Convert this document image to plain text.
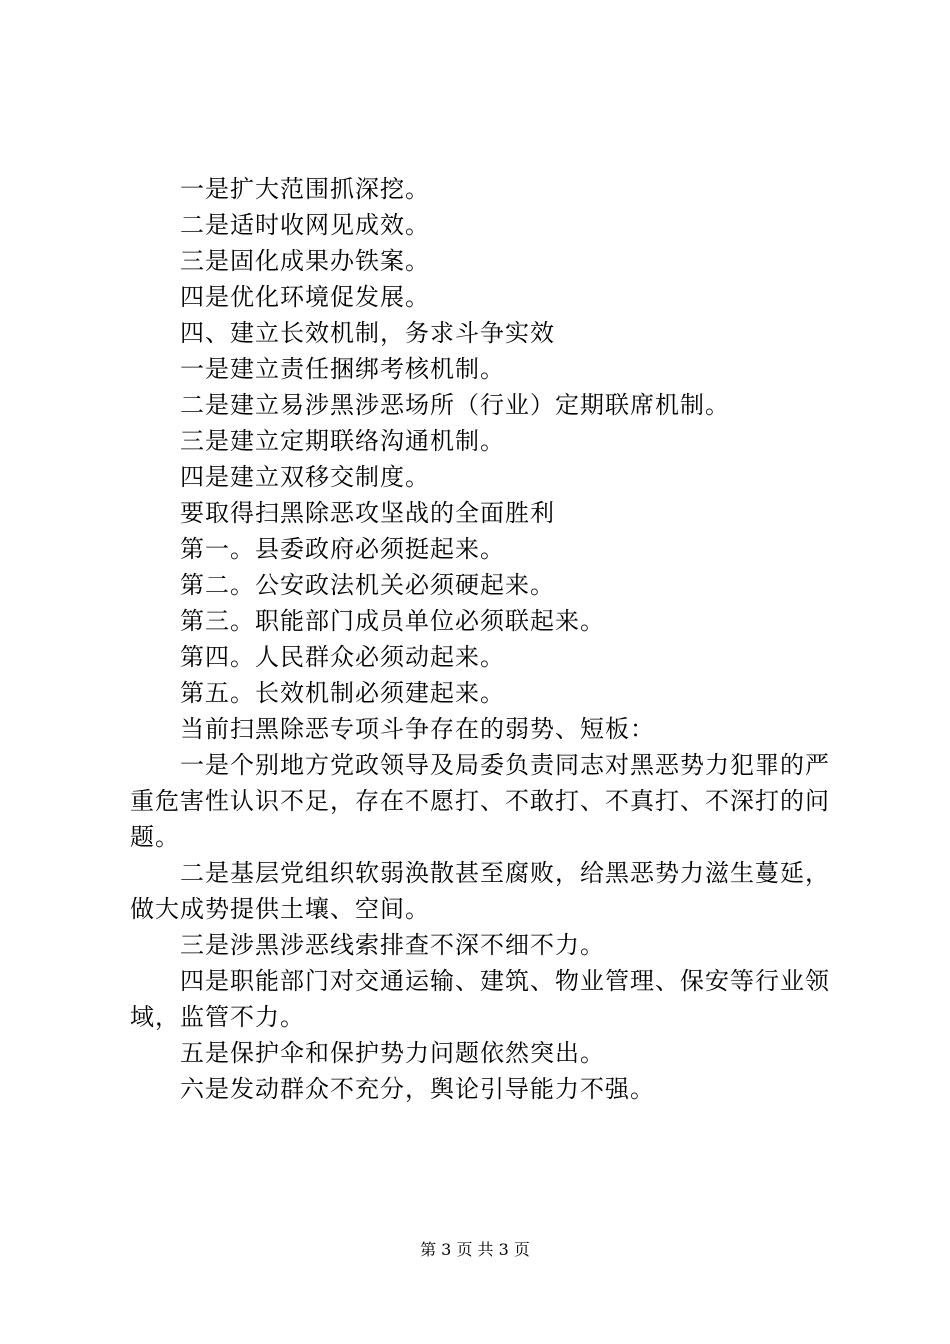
一是扩大范围抓深挖。
二是适时收网见成效。
三是固化成果办铁案。
四是优化环境促发展。
四、建立长效机制，务求斗争实效
一是建立责任捆绑考核机制。
二是建立易涉黑涉恶场所（行业）定期联席机制。
三是建立定期联络沟通机制。
四是建立双移交制度。
要取得扫黑除恶攻坚战的全面胜利
第一。县委政府必须挺起来。
第二。公安政法机关必须硬起来。
第三。职能部门成员单位必须联起来。
第四。人民群众必须动起来。
第五。长效机制必须建起来。
当前扫黑除恶专项斗争存在的弱势、短板：
一是个别地方党政领导及局委负责同志对黑恶势力犯罪的严重危害性认识不足，存在不愿打、不敢打、不真打、不深打的问题。
二是基层党组织软弱涣散甚至腐败，给黑恶势力滋生蔓延，做大成势提供土壤、空间。
三是涉黑涉恶线索排查不深不细不力。
四是职能部门对交通运输、建筑、物业管理、保安等行业领域，监管不力。
五是保护伞和保护势力问题依然突出。
六是发动群众不充分，舆论引导能力不强。
第 3 页 共 3 页
